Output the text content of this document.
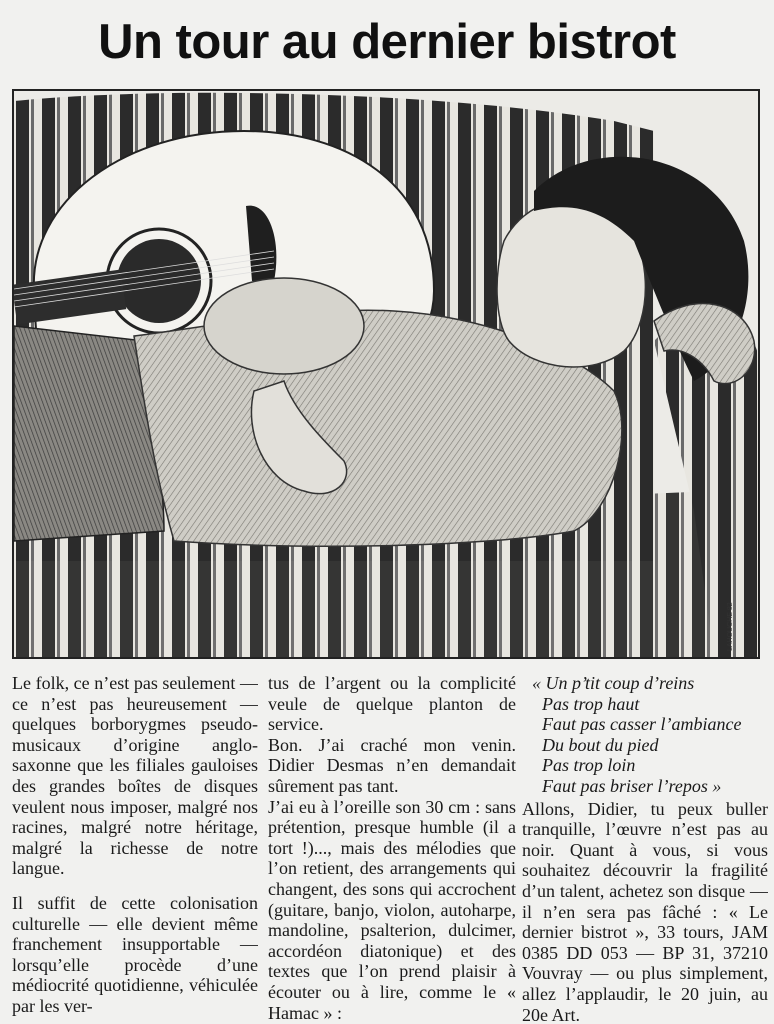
Un tour au dernier bistrot
LAHOUCHE 82

Le folk, ce n’est pas seulement — ce n’est pas heureusement — quelques borborygmes pseudo-musicaux d’origine anglo-saxonne que les filiales gauloises des grandes boîtes de disques veulent nous imposer, malgré nos racines, malgré notre héritage, malgré la richesse de notre langue.

Il suffit de cette colonisation culturelle — elle devient même franchement insupportable — lorsqu’elle procède d’une médiocrité quotidienne, véhiculée par les ver-

tus de l’argent ou la complicité veule de quelque planton de service.

Bon. J’ai craché mon venin. Didier Desmas n’en demandait sûrement pas tant.

J’ai eu à l’oreille son 30 cm : sans prétention, presque humble (il a tort !)..., mais des mélodies que l’on retient, des arrangements qui changent, des sons qui accrochent (guitare, banjo, violon, autoharpe, mandoline, psalterion, dulcimer, accordéon diatonique) et des textes que l’on prend plaisir à écouter ou à lire, comme le « Hamac » :

« Un p’tit coup d’reins
Pas trop haut
Faut pas casser l’ambiance
Du bout du pied
Pas trop loin
Faut pas briser l’repos »

Allons, Didier, tu peux buller tranquille, l’œuvre n’est pas au noir. Quant à vous, si vous souhaitez découvrir la fragilité d’un talent, achetez son disque — il n’en sera pas fâché : « Le dernier bistrot », 33 tours, JAM 0385 DD 053 — BP 31, 37210 Vouvray — ou plus simplement, allez l’applaudir, le 20 juin, au 20e Art.
